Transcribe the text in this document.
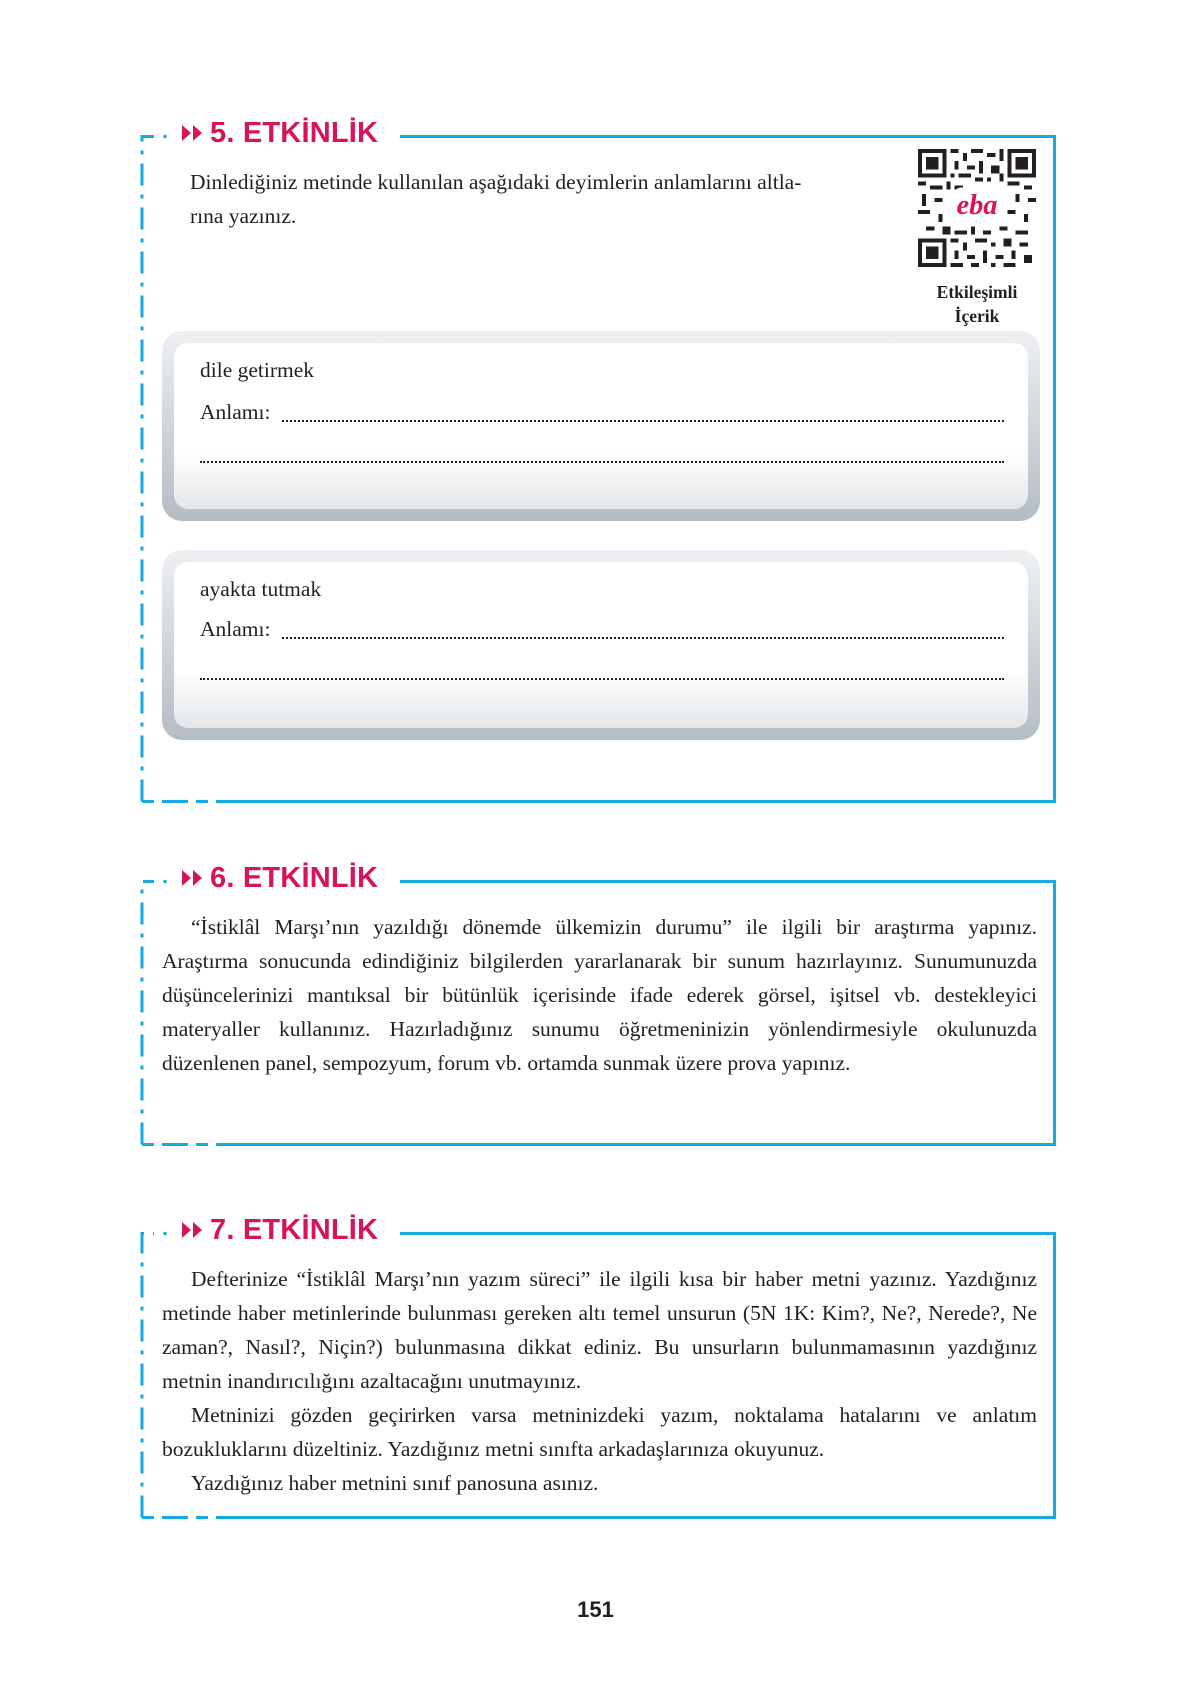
5. ETKİNLİK

Dinlediğiniz metinde kullanılan aşağıdaki deyimlerin anlamlarını altla-
rına yazınız.	eba
Etkileşimli
İçerik

dile getirmek

Anlamı:

ayakta tutmak

Anlamı:

6. ETKİNLİK

“İstiklâl Marşı’nın yazıldığı dönemde ülkemizin durumu” ile ilgili bir araştırma yapınız. Araştırma sonucunda edindiğiniz bilgilerden yararlanarak bir sunum hazırlayınız. Sunumunuzda düşüncelerinizi mantıksal bir bütünlük içerisinde ifade ederek görsel, işitsel vb. destekleyici materyaller kullanınız. Hazırladığınız sunumu öğretmeninizin yönlendirmesiyle okulunuzda düzenlenen panel, sempozyum, forum vb. ortamda sunmak üzere prova yapınız.

7. ETKİNLİK

Defterinize “İstiklâl Marşı’nın yazım süreci” ile ilgili kısa bir haber metni yazınız. Yazdığınız metinde haber metinlerinde bulunması gereken altı temel unsurun (5N 1K: Kim?, Ne?, Nerede?, Ne zaman?, Nasıl?, Niçin?) bulunmasına dikkat ediniz. Bu unsurların bulunmamasının yazdığınız metnin inandırıcılığını azaltacağını unutmayınız.

Metninizi gözden geçirirken varsa metninizdeki yazım, noktalama hatalarını ve anlatım bozukluklarını düzeltiniz. Yazdığınız metni sınıfta arkadaşlarınıza okuyunuz.

Yazdığınız haber metnini sınıf panosuna asınız.

151
